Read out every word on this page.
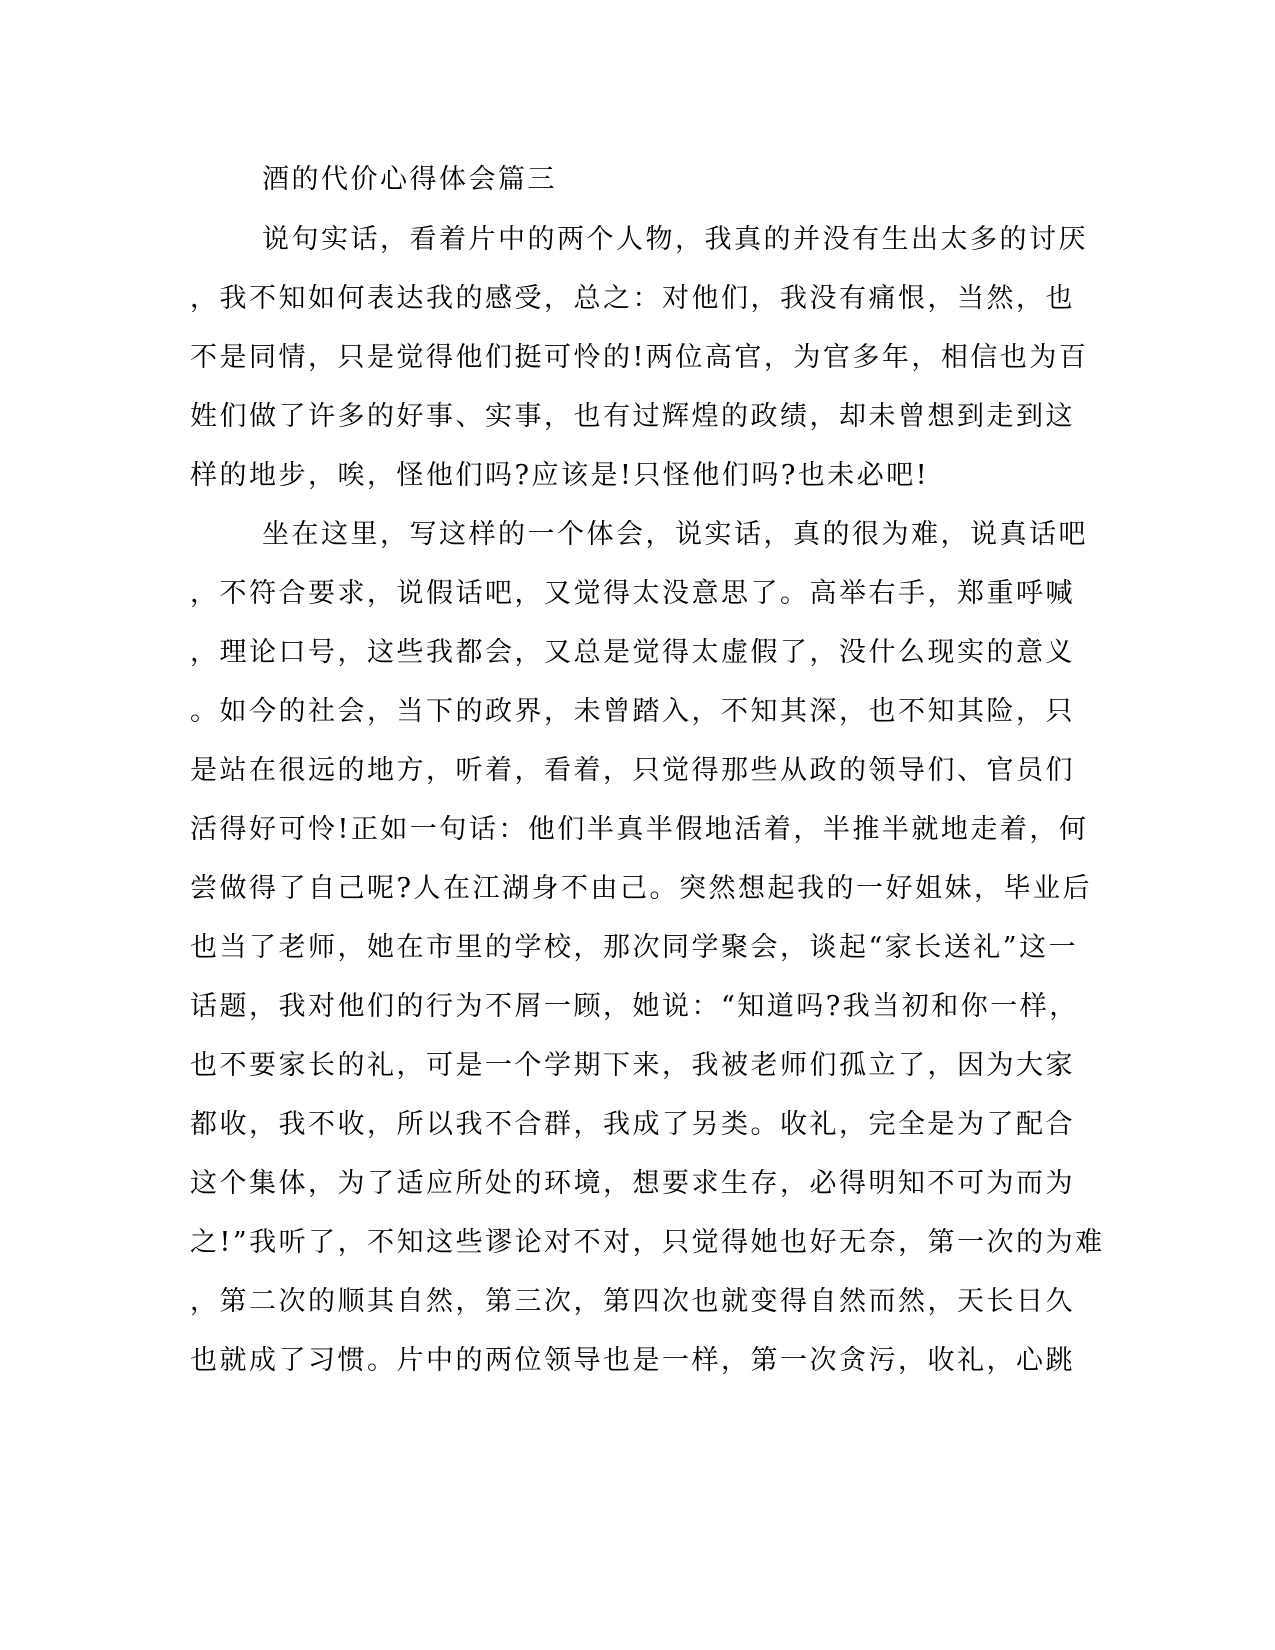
酒的代价心得体会篇三

说句实话，看着片中的两个人物，我真的并没有生出太多的讨厌

，我不知如何表达我的感受，总之：对他们，我没有痛恨，当然，也

不是同情，只是觉得他们挺可怜的!两位高官，为官多年，相信也为百

姓们做了许多的好事、实事，也有过辉煌的政绩，却未曾想到走到这

样的地步，唉，怪他们吗?应该是!只怪他们吗?也未必吧!

坐在这里，写这样的一个体会，说实话，真的很为难，说真话吧

，不符合要求，说假话吧，又觉得太没意思了。高举右手，郑重呼喊

，理论口号，这些我都会，又总是觉得太虚假了，没什么现实的意义

。如今的社会，当下的政界，未曾踏入，不知其深，也不知其险，只

是站在很远的地方，听着，看着，只觉得那些从政的领导们、官员们

活得好可怜!正如一句话：他们半真半假地活着，半推半就地走着，何

尝做得了自己呢?人在江湖身不由己。突然想起我的一好姐妹，毕业后

也当了老师，她在市里的学校，那次同学聚会，谈起“家长送礼”这一

话题，我对他们的行为不屑一顾，她说：“知道吗?我当初和你一样，

也不要家长的礼，可是一个学期下来，我被老师们孤立了，因为大家

都收，我不收，所以我不合群，我成了另类。收礼，完全是为了配合

这个集体，为了适应所处的环境，想要求生存，必得明知不可为而为

之!”我听了，不知这些谬论对不对，只觉得她也好无奈，第一次的为难

，第二次的顺其自然，第三次，第四次也就变得自然而然，天长日久

也就成了习惯。片中的两位领导也是一样，第一次贪污，收礼，心跳
